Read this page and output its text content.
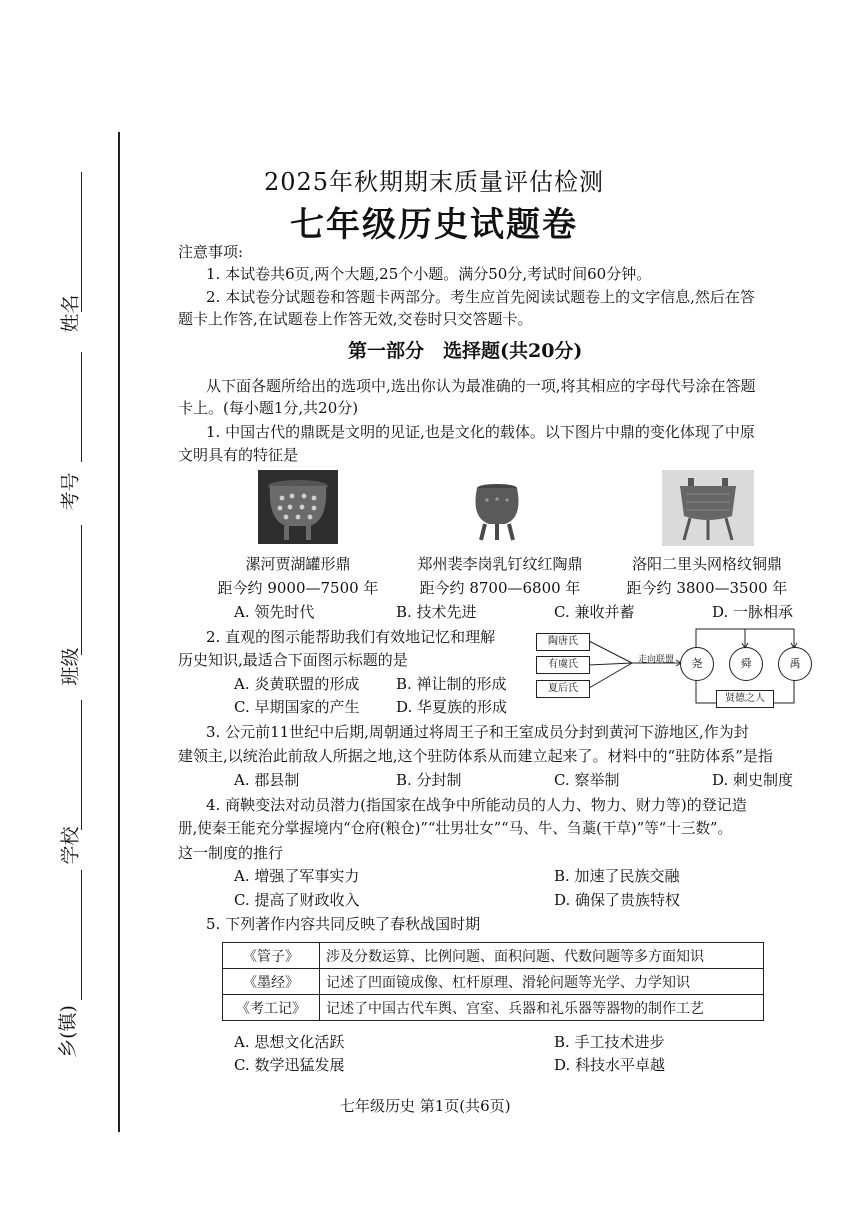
姓名
考号
班级
学校
乡(镇)
2025年秋期期末质量评估检测
七年级历史试题卷
注意事项:
1. 本试卷共6页,两个大题,25个小题。满分50分,考试时间60分钟。
2. 本试卷分试题卷和答题卡两部分。考生应首先阅读试题卷上的文字信息,然后在答
题卡上作答,在试题卷上作答无效,交卷时只交答题卡。
第一部分　选择题(共20分)
从下面各题所给出的选项中,选出你认为最准确的一项,将其相应的字母代号涂在答题
卡上。(每小题1分,共20分)
1. 中国古代的鼎既是文明的见证,也是文化的载体。以下图片中鼎的变化体现了中原
文明具有的特征是
漯河贾湖罐形鼎
距今约 9000—7500 年
郑州裴李岗乳钉纹红陶鼎
距今约 8700—6800 年
洛阳二里头网格纹铜鼎
距今约 3800—3500 年
A. 领先时代	B. 技术先进	C. 兼收并蓄	D. 一脉相承
2. 直观的图示能帮助我们有效地记忆和理解
历史知识,最适合下面图示标题的是
A. 炎黄联盟的形成 B. 禅让制的形成
C. 早期国家的产生 D. 华夏族的形成
陶唐氏
有虞氏
夏后氏
走向联盟	尧	舜	禹
贤德之人
3. 公元前11世纪中后期,周朝通过将周王子和王室成员分封到黄河下游地区,作为封
建领主,以统治此前敌人所据之地,这个驻防体系从而建立起来了。材料中的“驻防体系”是指
A. 郡县制	B. 分封制	C. 察举制	D. 刺史制度
4. 商鞅变法对动员潜力(指国家在战争中所能动员的人力、物力、财力等)的登记造
册,使秦王能充分掌握境内“仓府(粮仓)”“壮男壮女”“马、牛、刍藁(干草)”等“十三数”。
这一制度的推行
A. 增强了军事实力	B. 加速了民族交融
C. 提高了财政收入	D. 确保了贵族特权
5. 下列著作内容共同反映了春秋战国时期
《管子》	涉及分数运算、比例问题、面积问题、代数问题等多方面知识
《墨经》	记述了凹面镜成像、杠杆原理、滑轮问题等光学、力学知识
《考工记》	记述了中国古代车舆、宫室、兵器和礼乐器等器物的制作工艺
A. 思想文化活跃	B. 手工技术进步
C. 数学迅猛发展	D. 科技水平卓越
七年级历史 第1页(共6页)
